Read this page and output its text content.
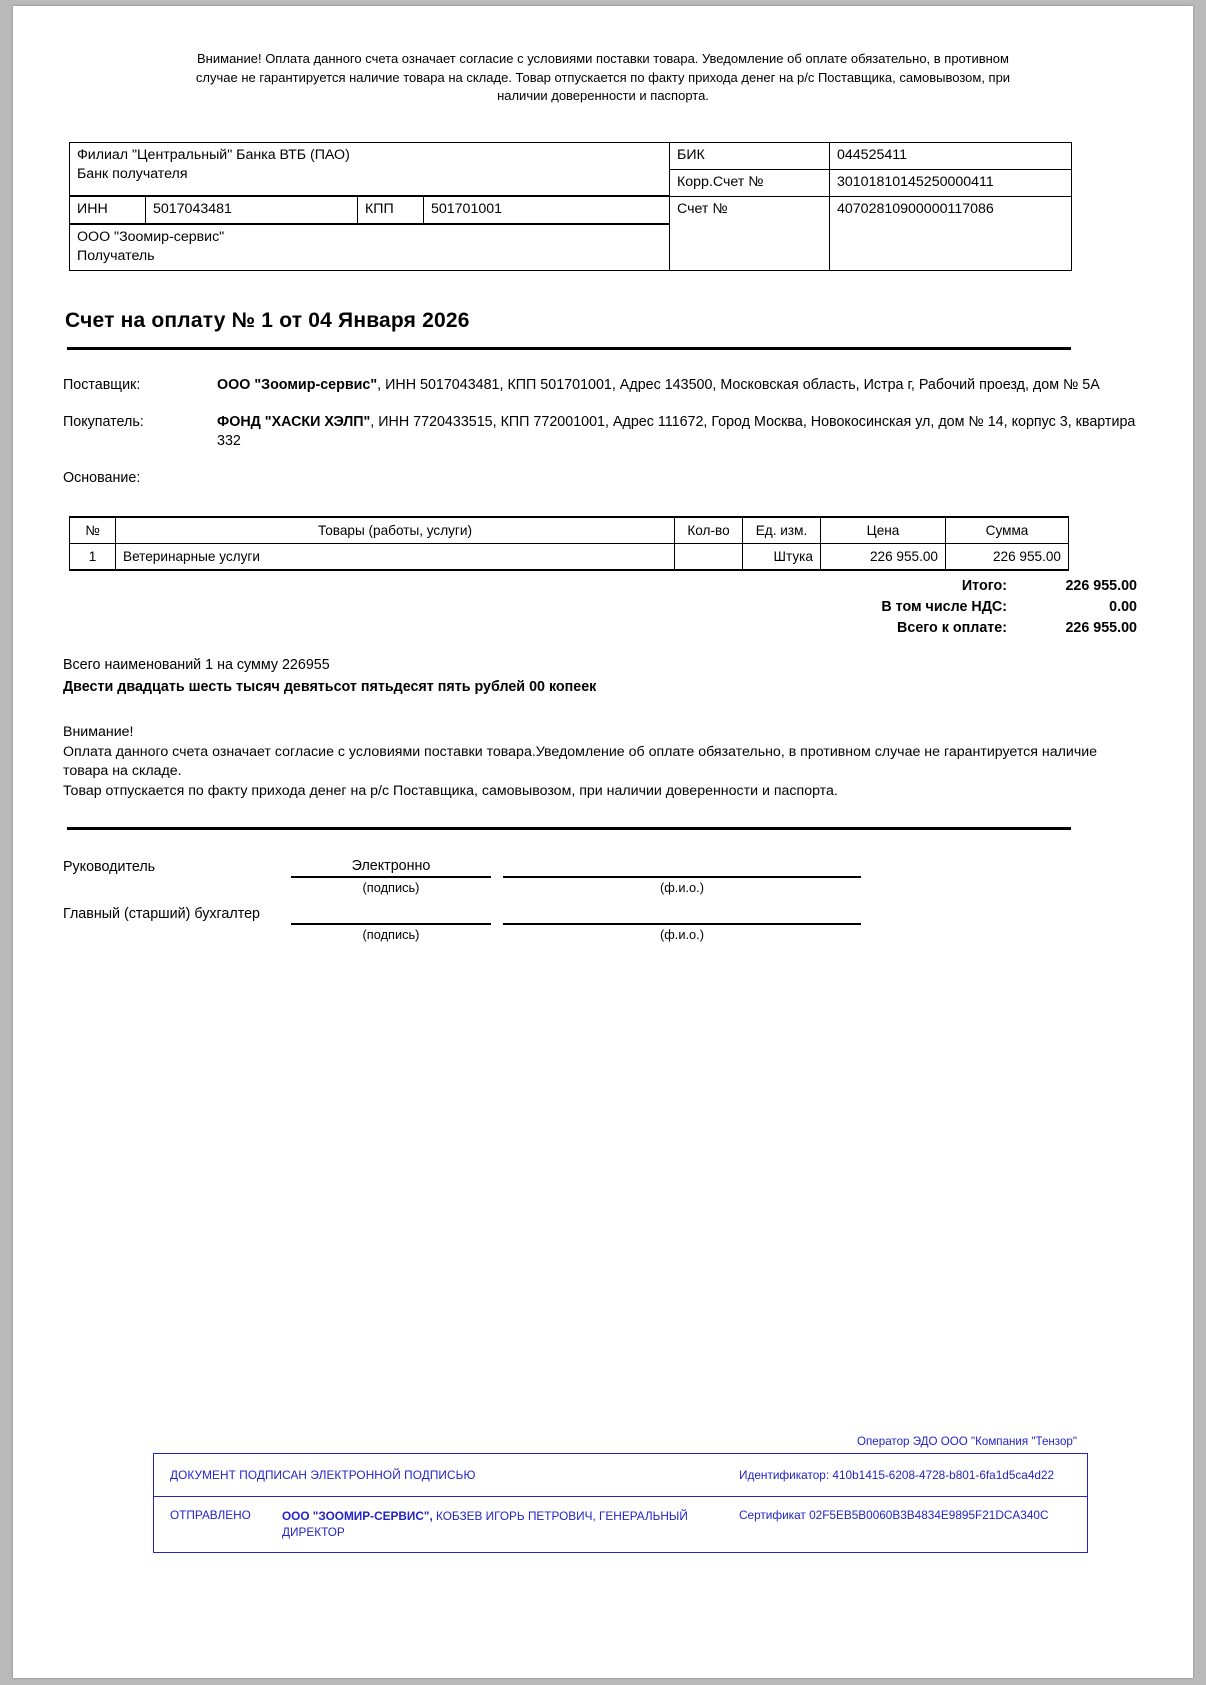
Внимание! Оплата данного счета означает согласие с условиями поставки товара. Уведомление об оплате обязательно, в противном случае не гарантируется наличие товара на складе. Товар отпускается по факту прихода денег на р/с Поставщика, самовывозом, при наличии доверенности и паспорта.
Филиал "Центральный" Банка ВТБ (ПАО)
Банк получателя				БИК	044525411
				Корр.Счет №	30101810145250000411
ИНН	5017043481	КПП	501701001	Счет №	40702810900000117086

ООО "Зоомир-сервис"
Получатель					
Счет на оплату № 1 от 04 Января 2026
Поставщик:	ООО "Зоомир-сервис", ИНН 5017043481, КПП 501701001, Адрес 143500, Московская область, Истра г, Рабочий проезд, дом № 5А
Покупатель:	ФОНД "ХАСКИ ХЭЛП", ИНН 7720433515, КПП 772001001, Адрес 111672, Город Москва, Новокосинская ул, дом № 14, корпус 3, квартира 332
Основание:
№	Товары (работы, услуги)	Кол-во	Ед. изм.	Цена	Сумма
1	Ветеринарные услуги		Штука	226 955.00	226 955.00
Итого:	226 955.00
В том числе НДС:	0.00
Всего к оплате:	226 955.00
Всего наименований 1 на сумму 226955
Двести двадцать шесть тысяч девятьсот пятьдесят пять рублей 00 копеек
Внимание!
Оплата данного счета означает согласие с условиями поставки товара.Уведомление об оплате обязательно, в противном случае не гарантируется наличие товара на складе.
Товар отпускается по факту прихода денег на р/с Поставщика, самовывозом, при наличии доверенности и паспорта.
Руководитель	Электронно
(подпись)	(ф.и.о.)
Главный (старший) бухгалтер
(подпись)	(ф.и.о.)
Оператор ЭДО ООО "Компания "Тензор"
ДОКУМЕНТ ПОДПИСАН ЭЛЕКТРОННОЙ ПОДПИСЬЮ	Идентификатор: 410b1415-6208-4728-b801-6fa1d5ca4d22
ОТПРАВЛЕНО	ООО "ЗООМИР-СЕРВИС", КОБЗЕВ ИГОРЬ ПЕТРОВИЧ, ГЕНЕРАЛЬНЫЙ ДИРЕКТОР
Сертификат 02F5EB5B0060B3B4834E9895F21DCA340C
